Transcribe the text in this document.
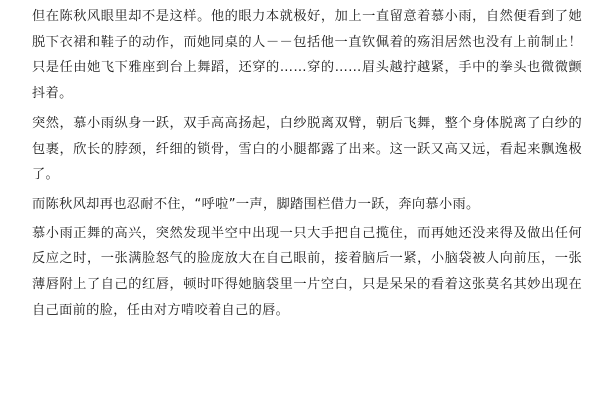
但在陈秋风眼里却不是这样。他的眼力本就极好，加上一直留意着慕小雨，自然便看到了她脱下衣裙和鞋子的动作，而她同桌的人－－包括他一直钦佩着的殇泪居然也没有上前制止！只是任由她飞下雅座到台上舞蹈，还穿的……穿的……眉头越拧越紧，手中的拳头也微微颤抖着。

突然，慕小雨纵身一跃，双手高高扬起，白纱脱离双臂，朝后飞舞，整个身体脱离了白纱的包裹，欣长的脖颈，纤细的锁骨，雪白的小腿都露了出来。这一跃又高又远，看起来飘逸极了。

而陈秋风却再也忍耐不住，“呼啦”一声，脚踏围栏借力一跃，奔向慕小雨。

慕小雨正舞的高兴，突然发现半空中出现一只大手把自己揽住，而再她还没来得及做出任何反应之时，一张满脸怒气的脸庞放大在自己眼前，接着脑后一紧，小脑袋被人向前压，一张薄唇附上了自己的红唇，顿时吓得她脑袋里一片空白，只是呆呆的看着这张莫名其妙出现在自己面前的脸，任由对方啃咬着自己的唇。
